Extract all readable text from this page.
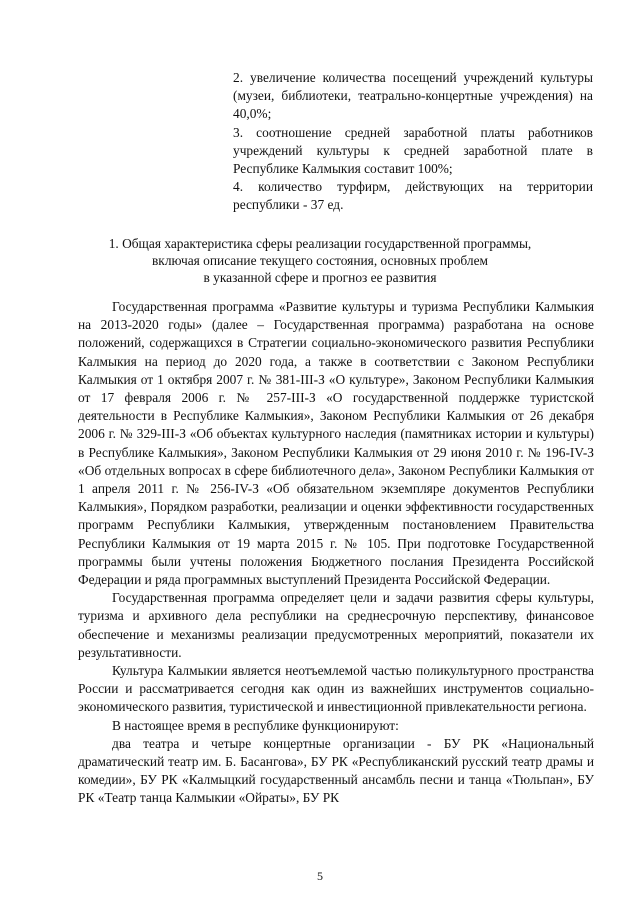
2. увеличение количества посещений учреждений культуры (музеи, библиотеки, театрально-концертные учреждения) на 40,0%;

3. соотношение средней заработной платы работников учреждений культуры к средней заработной плате в Республике Калмыкия составит 100%;

4. количество турфирм, действующих на территории республики - 37 ед.

1. Общая характеристика сферы реализации государственной программы,
включая описание текущего состояния, основных проблем
в указанной сфере и прогноз ее развития

Государственная программа «Развитие культуры и туризма Республики Калмыкия на 2013-2020 годы» (далее – Государственная программа) разработана на основе положений, содержащихся в Стратегии социально-экономического развития Республики Калмыкия на период до 2020 года, а также в соответствии с Законом Республики Калмыкия от 1 октября 2007 г. № 381-III-З «О культуре», Законом Республики Калмыкия от 17 февраля 2006 г. № 257-III-З «О государственной поддержке туристской деятельности в Республике Калмыкия», Законом Республики Калмыкия от 26 декабря 2006 г. № 329-III-З «Об объектах культурного наследия (памятниках истории и культуры) в Республике Калмыкия», Законом Республики Калмыкия от 29 июня 2010 г. № 196-IV-З «Об отдельных вопросах в сфере библиотечного дела», Законом Республики Калмыкия от 1 апреля 2011 г. № 256-IV-З «Об обязательном экземпляре документов Республики Калмыкия», Порядком разработки, реализации и оценки эффективности государственных программ Республики Калмыкия, утвержденным постановлением Правительства Республики Калмыкия от 19 марта 2015 г. № 105. При подготовке Государственной программы были учтены положения Бюджетного послания Президента Российской Федерации и ряда программных выступлений Президента Российской Федерации.

Государственная программа определяет цели и задачи развития сферы культуры, туризма и архивного дела республики на среднесрочную перспективу, финансовое обеспечение и механизмы реализации предусмотренных мероприятий, показатели их результативности.

Культура Калмыкии является неотъемлемой частью поликультурного пространства России и рассматривается сегодня как один из важнейших инструментов социально-экономического развития, туристической и инвестиционной привлекательности региона.

В настоящее время в республике функционируют:

два театра и четыре концертные организации - БУ РК «Национальный драматический театр им. Б. Басангова», БУ РК «Республиканский русский театр драмы и комедии», БУ РК «Калмыцкий государственный ансамбль песни и танца «Тюльпан», БУ РК «Театр танца Калмыкии «Ойраты», БУ РК

5
